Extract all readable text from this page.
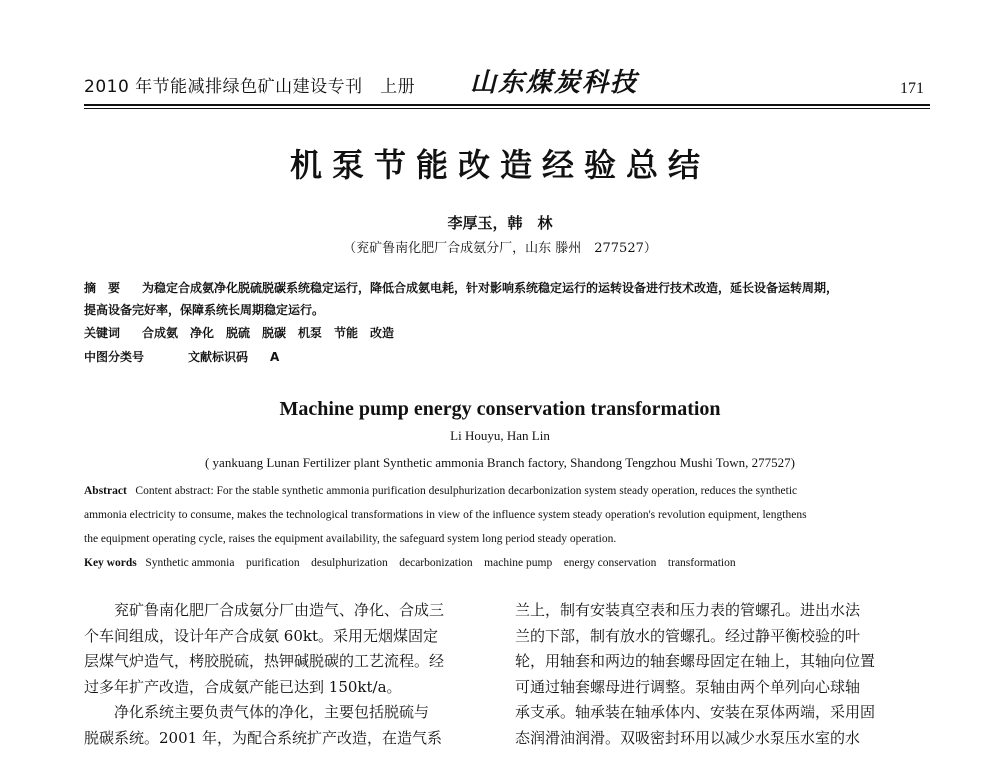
2010 年节能减排绿色矿山建设专刊　上册 山东煤炭科技	171
机泵节能改造经验总结
李厚玉，韩　林
（兖矿鲁南化肥厂合成氨分厂，山东 滕州　277527）
摘　要 为稳定合成氨净化脱硫脱碳系统稳定运行，降低合成氨电耗，针对影响系统稳定运行的运转设备进行技术改造，延长设备运转周期，
提高设备完好率，保障系统长周期稳定运行。
关键词 合成氨　净化　脱硫　脱碳　机泵　节能　改造
中图分类号	文献标识码 A
Machine pump energy conservation transformation
Li Houyu, Han Lin
( yankuang Lunan Fertilizer plant Synthetic ammonia Branch factory, Shandong Tengzhou Mushi Town, 277527)
Abstract Content abstract: For the stable synthetic ammonia purification desulphurization decarbonization system steady operation, reduces the synthetic
ammonia electricity to consume, makes the technological transformations in view of the influence system steady operation's revolution equipment, lengthens
the equipment operating cycle, raises the equipment availability, the safeguard system long period steady operation.
Key words Synthetic ammonia　purification　desulphurization　decarbonization　machine pump　energy conservation　transformation
　　兖矿鲁南化肥厂合成氨分厂由造气、净化、合成三
个车间组成，设计年产合成氨 60kt。采用无烟煤固定
层煤气炉造气，栲胶脱硫，热钾碱脱碳的工艺流程。经
过多年扩产改造，合成氨产能已达到 150kt/a。
　　净化系统主要负责气体的净化，主要包括脱硫与
脱碳系统。2001 年，为配合系统扩产改造，在造气系
兰上，制有安装真空表和压力表的管螺孔。进出水法
兰的下部，制有放水的管螺孔。经过静平衡校验的叶
轮，用轴套和两边的轴套螺母固定在轴上，其轴向位置
可通过轴套螺母进行调整。泵轴由两个单列向心球轴
承支承。轴承装在轴承体内、安装在泵体两端，采用固
态润滑油润滑。双吸密封环用以减少水泵压水室的水
